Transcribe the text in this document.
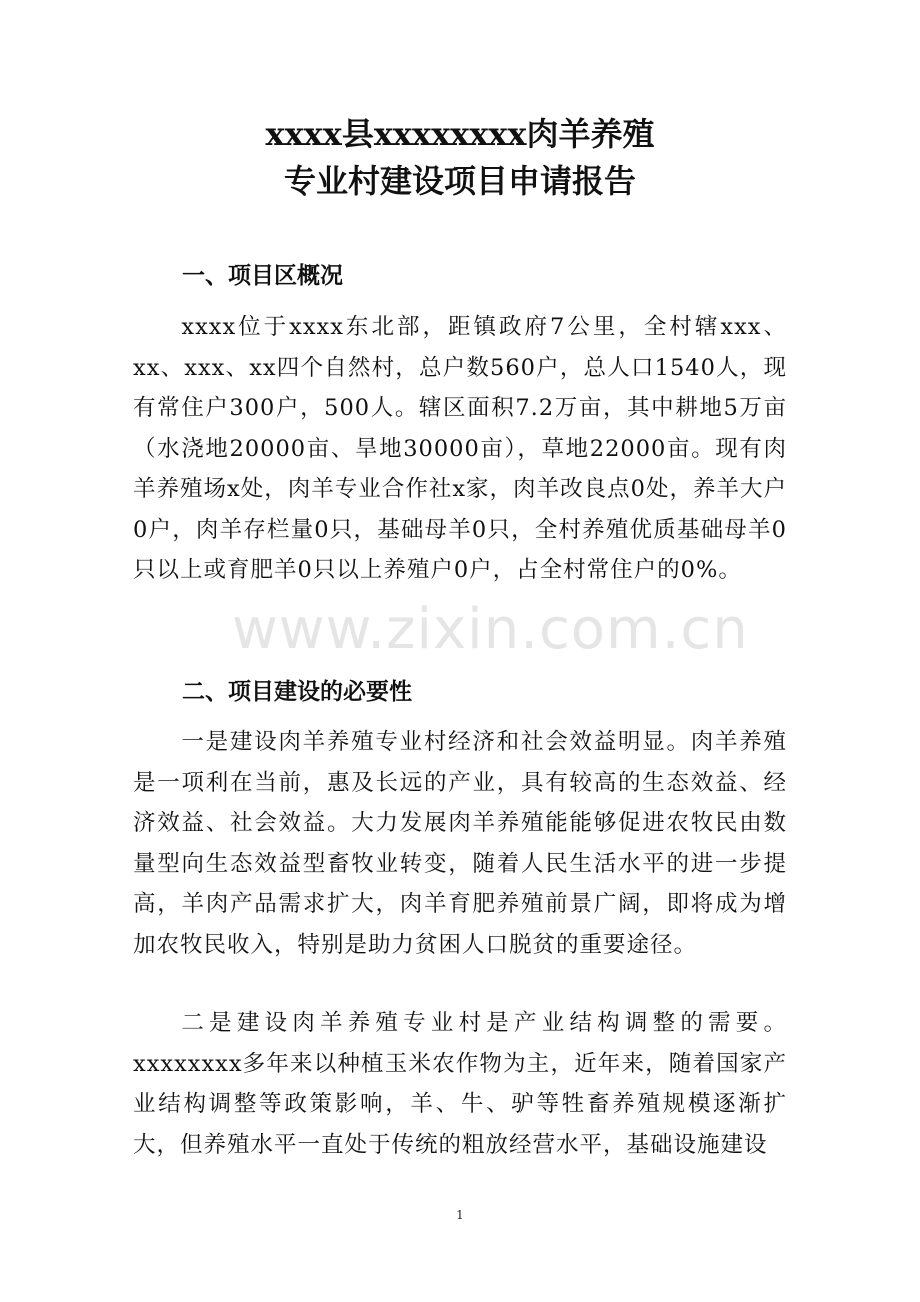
xxxx县xxxxxxxx肉羊养殖
专业村建设项目申请报告
一、项目区概况
xxxx位于xxxx东北部，距镇政府7公里，全村辖xxx、xx、xxx、xx四个自然村，总户数560户，总人口1540人，现有常住户300户，500人。辖区面积7.2万亩，其中耕地5万亩（水浇地20000亩、旱地30000亩），草地22000亩。现有肉羊养殖场x处，肉羊专业合作社x家，肉羊改良点0处，养羊大户0户，肉羊存栏量0只，基础母羊0只，全村养殖优质基础母羊0只以上或育肥羊0只以上养殖户0户，占全村常住户的0%。
二、项目建设的必要性
一是建设肉羊养殖专业村经济和社会效益明显。肉羊养殖是一项利在当前，惠及长远的产业，具有较高的生态效益、经济效益、社会效益。大力发展肉羊养殖能能够促进农牧民由数量型向生态效益型畜牧业转变，随着人民生活水平的进一步提高，羊肉产品需求扩大，肉羊育肥养殖前景广阔，即将成为增加农牧民收入，特别是助力贫困人口脱贫的重要途径。
二是建设肉羊养殖专业村是产业结构调整的需要。xxxxxxxx多年来以种植玉米农作物为主，近年来，随着国家产业结构调整等政策影响，羊、牛、驴等牲畜养殖规模逐渐扩大，但养殖水平一直处于传统的粗放经营水平，基础设施建设
www.zixin.com.cn
1
